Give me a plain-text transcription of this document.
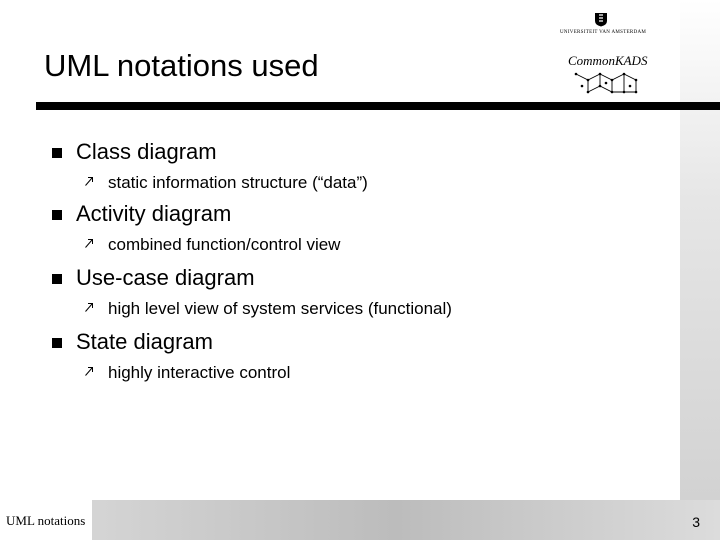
UML notations used
UNIVERSITEIT VAN AMSTERDAM
CommonKADS
Class diagram
static information structure (“data”)
Activity diagram
combined function/control view
Use-case diagram
high level view of system services (functional)
State diagram
highly interactive control
UML notations	3
